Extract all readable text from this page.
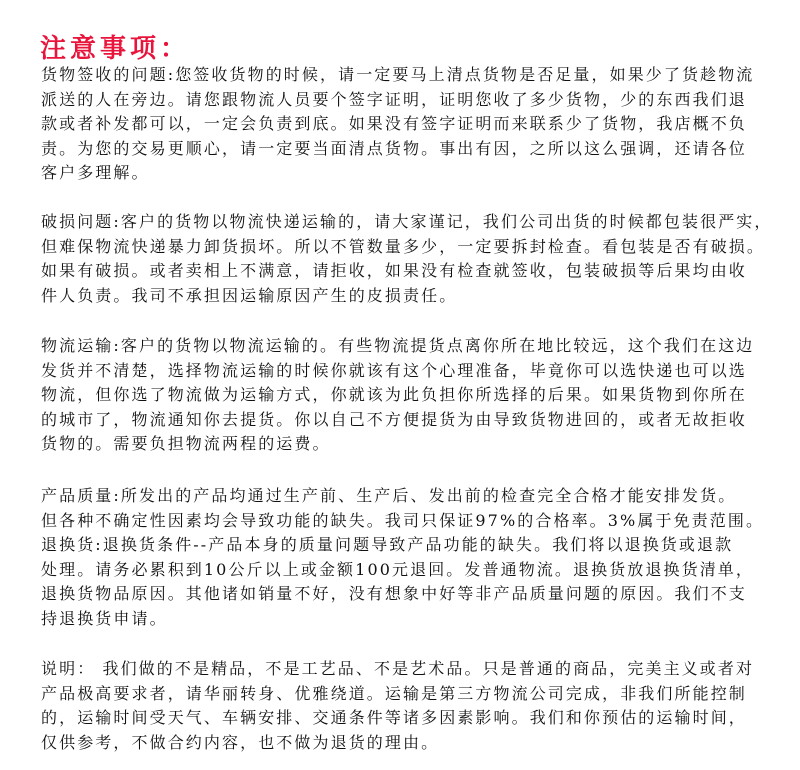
注意事项：
货物签收的问题:您签收货物的时候，请一定要马上清点货物是否足量，如果少了货趁物流
派送的人在旁边。请您跟物流人员要个签字证明，证明您收了多少货物，少的东西我们退
款或者补发都可以，一定会负责到底。如果没有签字证明而来联系少了货物，我店概不负
责。为您的交易更顺心，请一定要当面清点货物。事出有因，之所以这么强调，还请各位
客户多理解。
破损问题:客户的货物以物流快递运输的，请大家谨记，我们公司出货的时候都包装很严实，
但难保物流快递暴力卸货损坏。所以不管数量多少，一定要拆封检查。看包装是否有破损。
如果有破损。或者卖相上不满意，请拒收，如果没有检查就签收，包装破损等后果均由收
件人负责。我司不承担因运输原因产生的皮损责任。
物流运输:客户的货物以物流运输的。有些物流提货点离你所在地比较远，这个我们在这边
发货并不清楚，选择物流运输的时候你就该有这个心理准备，毕竟你可以选快递也可以选
物流，但你选了物流做为运输方式，你就该为此负担你所选择的后果。如果货物到你所在
的城市了，物流通知你去提货。你以自己不方便提货为由导致货物进回的，或者无故拒收
货物的。需要负担物流两程的运费。
产品质量:所发出的产品均通过生产前、生产后、发出前的检查完全合格才能安排发货。
但各种不确定性因素均会导致功能的缺失。我司只保证97%的合格率。3%属于免责范围。
退换货:退换货条件--产品本身的质量问题导致产品功能的缺失。我们将以退换货或退款
处理。请务必累积到10公斤以上或金额100元退回。发普通物流。退换货放退换货清单，
退换货物品原因。其他诸如销量不好，没有想象中好等非产品质量问题的原因。我们不支
持退换货申请。
说明： 我们做的不是精品，不是工艺品、不是艺术品。只是普通的商品，完美主义或者对
产品极高要求者，请华丽转身、优雅绕道。运输是第三方物流公司完成，非我们所能控制
的，运输时间受天气、车辆安排、交通条件等诸多因素影响。我们和你预估的运输时间，
仅供参考，不做合约内容，也不做为退货的理由。
